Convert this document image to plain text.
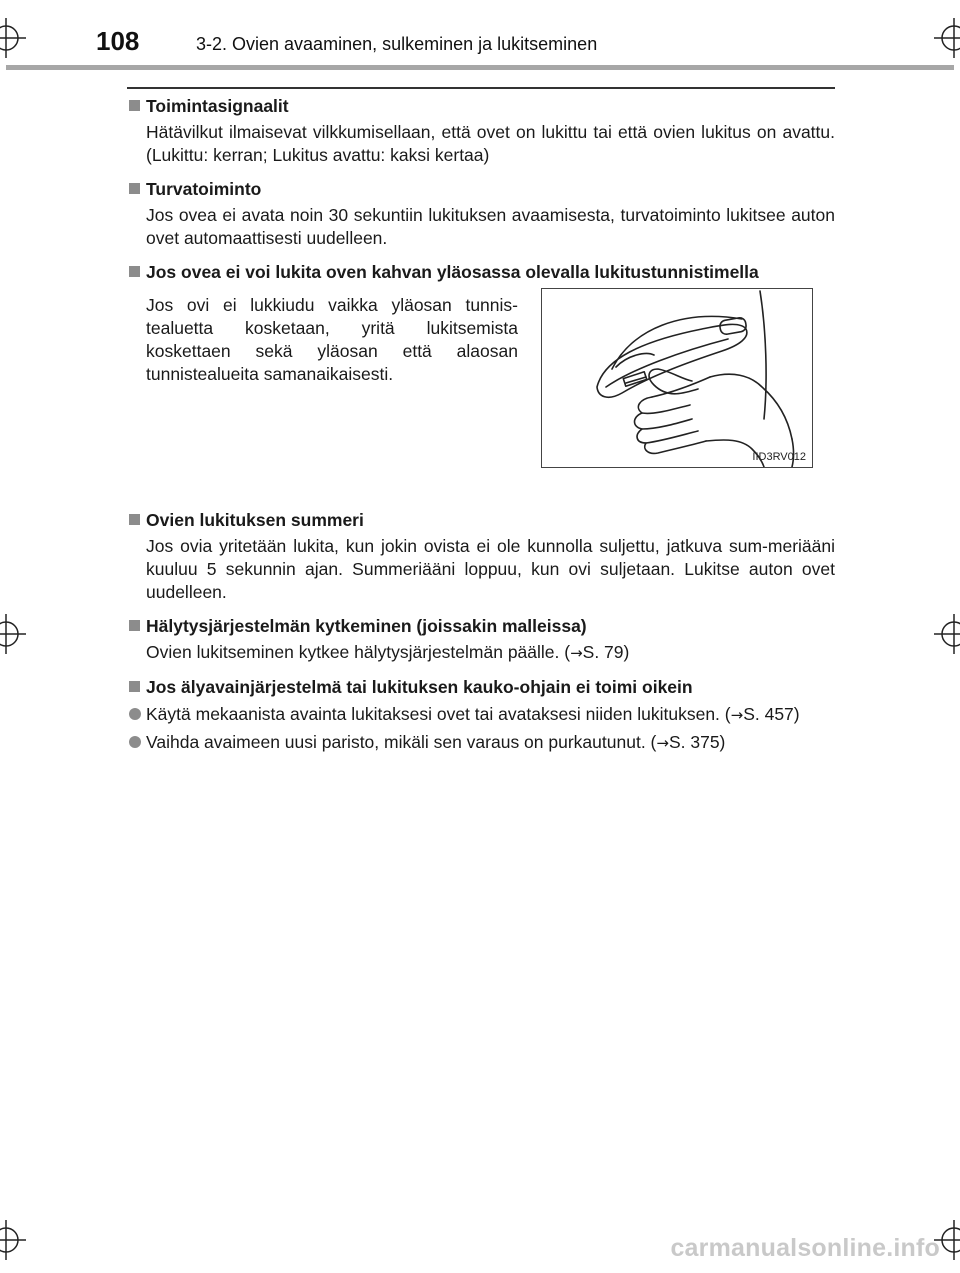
108	3-2. Ovien avaaminen, sulkeminen ja lukitseminen
Toimintasignaalit
Hätävilkut ilmaisevat vilkkumisellaan, että ovet on lukittu tai että ovien lukitus on avattu. (Lukittu: kerran; Lukitus avattu: kaksi kertaa)
Turvatoiminto
Jos ovea ei avata noin 30 sekuntiin lukituksen avaamisesta, turvatoiminto lukitsee auton ovet automaattisesti uudelleen.
Jos ovea ei voi lukita oven kahvan yläosassa olevalla lukitustunnistimella
Jos ovi ei lukkiudu vaikka yläosan tunnis-tealuetta kosketaan, yritä lukitsemista koskettaen sekä yläosan että alaosan tunnistealueita samanaikaisesti.
IID3RV012
Ovien lukituksen summeri
Jos ovia yritetään lukita, kun jokin ovista ei ole kunnolla suljettu, jatkuva sum-meriääni kuuluu 5 sekunnin ajan. Summeriääni loppuu, kun ovi suljetaan. Lukitse auton ovet uudelleen.
Hälytysjärjestelmän kytkeminen (joissakin malleissa)
Ovien lukitseminen kytkee hälytysjärjestelmän päälle. (→S. 79)
Jos älyavainjärjestelmä tai lukituksen kauko-ohjain ei toimi oikein
Käytä mekaanista avainta lukitaksesi ovet tai avataksesi niiden lukituksen. (→S. 457)
Vaihda avaimeen uusi paristo, mikäli sen varaus on purkautunut. (→S. 375)
carmanualsonline.info
